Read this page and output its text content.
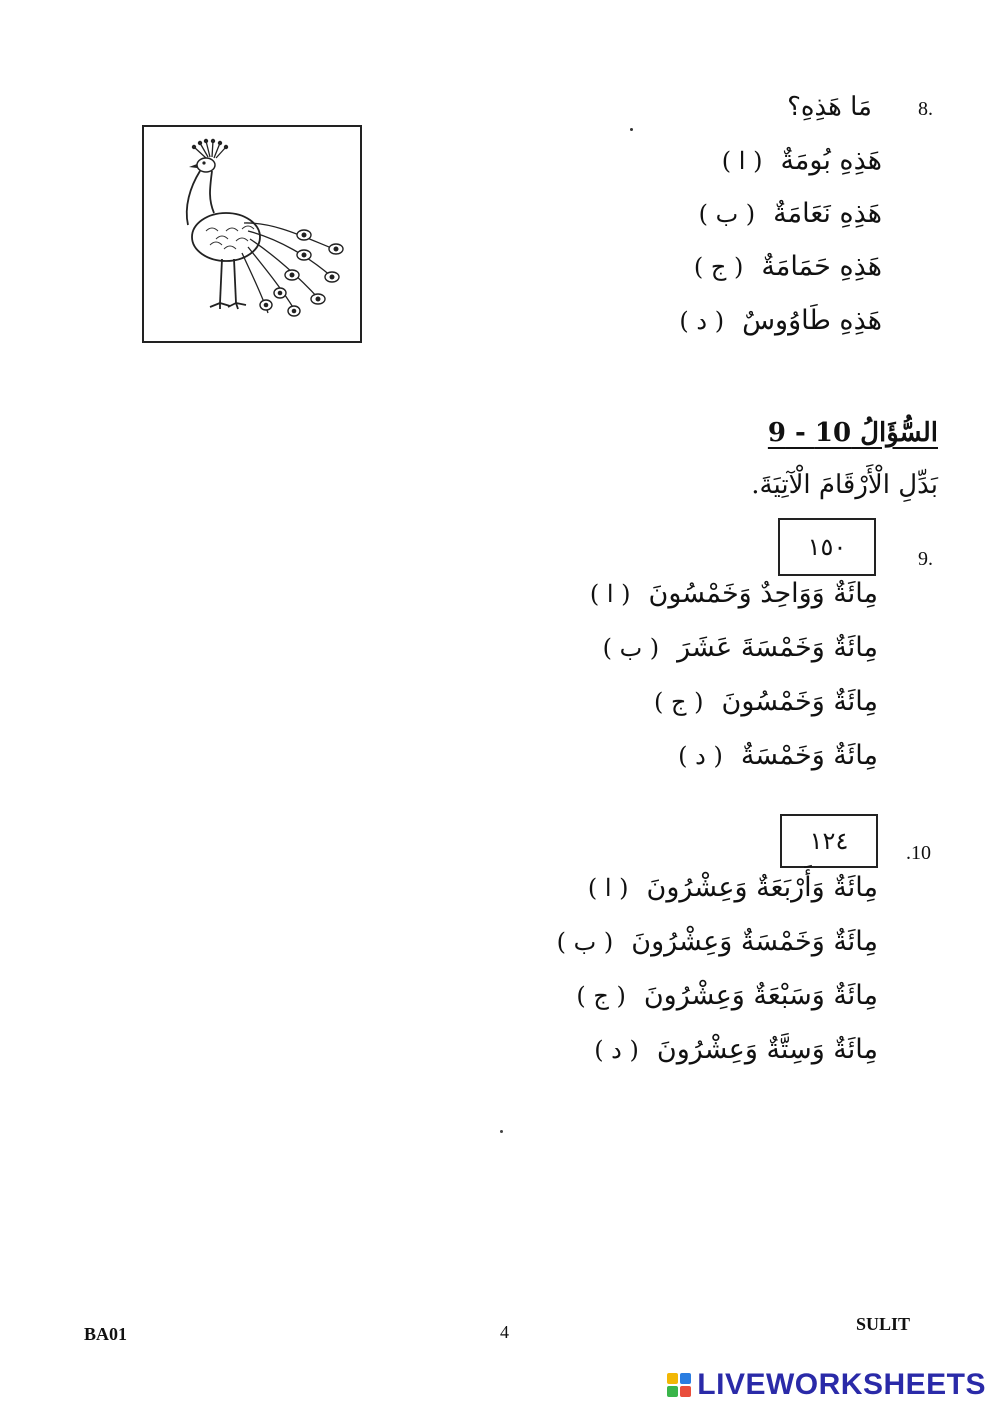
8.
مَا هَذِهِ؟
( ا ) هَذِهِ بُومَةٌ
( ب ) هَذِهِ نَعَامَةٌ
( ج ) هَذِهِ حَمَامَةٌ
( د ) هَذِهِ طَاوُوسٌ
السُّؤَالُ 10 - 9
بَدِّلِ الْأَرْقَامَ الْآتِيَةَ.
9.
١٥٠
( ا ) مِائَةٌ وَوَاحِدٌ وَخَمْسُونَ
( ب ) مِائَةٌ وَخَمْسَةَ عَشَرَ
( ج ) مِائَةٌ وَخَمْسُونَ
( د ) مِائَةٌ وَخَمْسَةٌ
.10
١٢٤
( ا ) مِائَةٌ وَأَرْبَعَةٌ وَعِشْرُونَ
( ب ) مِائَةٌ وَخَمْسَةٌ وَعِشْرُونَ
( ج ) مِائَةٌ وَسَبْعَةٌ وَعِشْرُونَ
( د ) مِائَةٌ وَسِتَّةٌ وَعِشْرُونَ
BA01	4	SULIT
LIVEWORKSHEETS
